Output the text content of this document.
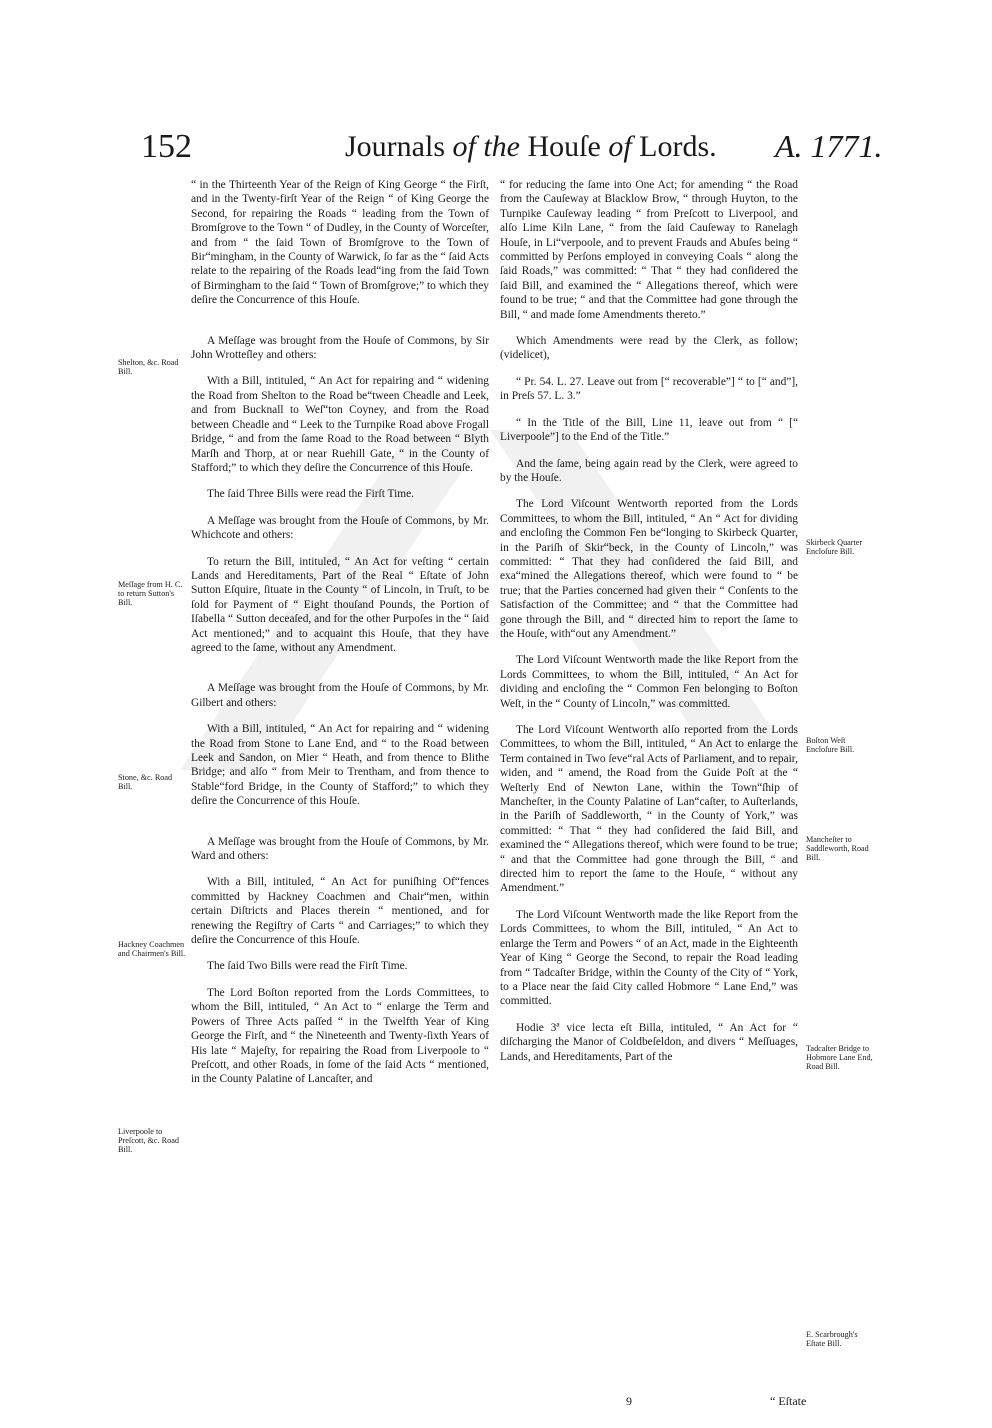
152	Journals of the Houſe of Lords. A. 1771.

“ in the Thirteenth Year of the Reign of King George “ the Firſt, and in the Twenty-firſt Year of the Reign “ of King George the Second, for repairing the Roads “ leading from the Town of Bromſgrove to the Town “ of Dudley, in the County of Worceſter, and from “ the ſaid Town of Bromſgrove to the Town of Bir“mingham, in the County of Warwick, ſo far as the “ ſaid Acts relate to the repairing of the Roads lead“ing from the ſaid Town of Birmingham to the ſaid “ Town of Bromſgrove;” to which they deſire the Concurrence of this Houſe.

A Meſſage was brought from the Houſe of Commons, by Sir John Wrotteſley and others:

With a Bill, intituled, “ An Act for repairing and “ widening the Road from Shelton to the Road be“tween Cheadle and Leek, and from Bucknall to Weſ“ton Coyney, and from the Road between Cheadle and “ Leek to the Turnpike Road above Frogall Bridge, “ and from the ſame Road to the Road between “ Blyth Marſh and Thorp, at or near Ruehill Gate, “ in the County of Stafford;” to which they deſire the Concurrence of this Houſe.

The ſaid Three Bills were read the Firſt Time.

A Meſſage was brought from the Houſe of Commons, by Mr. Whichcote and others:

To return the Bill, intituled, “ An Act for veſting “ certain Lands and Hereditaments, Part of the Real “ Eſtate of John Sutton Eſquire, ſituate in the County “ of Lincoln, in Truſt, to be ſold for Payment of “ Eight thouſand Pounds, the Portion of Iſabella “ Sutton deceaſed, and for the other Purpoſes in the “ ſaid Act mentioned;” and to acquaint this Houſe, that they have agreed to the ſame, without any Amendment.

A Meſſage was brought from the Houſe of Commons, by Mr. Gilbert and others:

With a Bill, intituled, “ An Act for repairing and “ widening the Road from Stone to Lane End, and “ to the Road between Leek and Sandon, on Mier “ Heath, and from thence to Blithe Bridge; and alſo “ from Meir to Trentham, and from thence to Stable“ford Bridge, in the County of Stafford;” to which they deſire the Concurrence of this Houſe.

A Meſſage was brought from the Houſe of Commons, by Mr. Ward and others:

With a Bill, intituled, “ An Act for puniſhing Of“fences committed by Hackney Coachmen and Chair“men, within certain Diſtricts and Places therein “ mentioned, and for renewing the Regiſtry of Carts “ and Carriages;” to which they deſire the Concurrence of this Houſe.

The ſaid Two Bills were read the Firſt Time.

The Lord Boſton reported from the Lords Committees, to whom the Bill, intituled, “ An Act to “ enlarge the Term and Powers of Three Acts paſſed “ in the Twelfth Year of King George the Firſt, and “ the Nineteenth and Twenty-ſixth Years of His late “ Majeſty, for repairing the Road from Liverpoole to “ Preſcott, and other Roads, in ſome of the ſaid Acts “ mentioned, in the County Palatine of Lancaſter, and

“ for reducing the ſame into One Act; for amending “ the Road from the Cauſeway at Blacklow Brow, “ through Huyton, to the Turnpike Cauſeway leading “ from Preſcott to Liverpool, and alſo Lime Kiln Lane, “ from the ſaid Cauſeway to Ranelagh Houſe, in Li“verpoole, and to prevent Frauds and Abuſes being “ committed by Perſons employed in conveying Coals “ along the ſaid Roads,” was committed: “ That “ they had conſidered the ſaid Bill, and examined the “ Allegations thereof, which were found to be true; “ and that the Committee had gone through the Bill, “ and made ſome Amendments thereto.”

Which Amendments were read by the Clerk, as follow; (videlicet),

“ Pr. 54. L. 27. Leave out from [“ recoverable”] “ to [“ and”], in Preſs 57. L. 3.”

“ In the Title of the Bill, Line 11, leave out from “ [“ Liverpoole”] to the End of the Title.”

And the ſame, being again read by the Clerk, were agreed to by the Houſe.

The Lord Viſcount Wentworth reported from the Lords Committees, to whom the Bill, intituled, “ An “ Act for dividing and encloſing the Common Fen be“longing to Skirbeck Quarter, in the Pariſh of Skir“beck, in the County of Lincoln,” was committed: “ That they had conſidered the ſaid Bill, and exa“mined the Allegations thereof, which were found to “ be true; that the Parties concerned had given their “ Conſents to the Satisfaction of the Committee; and “ that the Committee had gone through the Bill, and “ directed him to report the ſame to the Houſe, with“out any Amendment.”

The Lord Viſcount Wentworth made the like Report from the Lords Committees, to whom the Bill, intituled, “ An Act for dividing and encloſing the “ Common Fen belonging to Boſton Weſt, in the “ County of Lincoln,” was committed.

The Lord Viſcount Wentworth alſo reported from the Lords Committees, to whom the Bill, intituled, “ An Act to enlarge the Term contained in Two ſeve“ral Acts of Parliament, and to repair, widen, and “ amend, the Road from the Guide Poſt at the “ Weſterly End of Newton Lane, within the Town“ſhip of Mancheſter, in the County Palatine of Lan“caſter, to Auſterlands, in the Pariſh of Saddleworth, “ in the County of York,” was committed: “ That “ they had conſidered the ſaid Bill, and examined the “ Allegations thereof, which were found to be true; “ and that the Committee had gone through the Bill, “ and directed him to report the ſame to the Houſe, “ without any Amendment.”

The Lord Viſcount Wentworth made the like Report from the Lords Committees, to whom the Bill, intituled, “ An Act to enlarge the Term and Powers “ of an Act, made in the Eighteenth Year of King “ George the Second, to repair the Road leading from “ Tadcaſter Bridge, within the County of the City of “ York, to a Place near the ſaid City called Hobmore “ Lane End,” was committed.

Hodie 3ª vice lecta eſt Billa, intituled, “ An Act for “ diſcharging the Manor of Coldbeſeldon, and divers “ Meſſuages, Lands, and Hereditaments, Part of the

Shelton, &c. Road Bill.
Meſſage from H. C. to return Sutton's Bill.
Stone, &c. Road Bill.
Hackney Coachmen and Chairmen's Bill.
Liverpoole to Preſcott, &c. Road Bill.
Skirbeck Quarter Encloſure Bill.
Boſton Weſt Encloſure Bill.
Mancheſter to Saddleworth, Road Bill.
Tadcaſter Bridge to Hobmore Lane End, Road Bill.
E. Scarbrough's Eſtate Bill.
9	“ Eſtate
